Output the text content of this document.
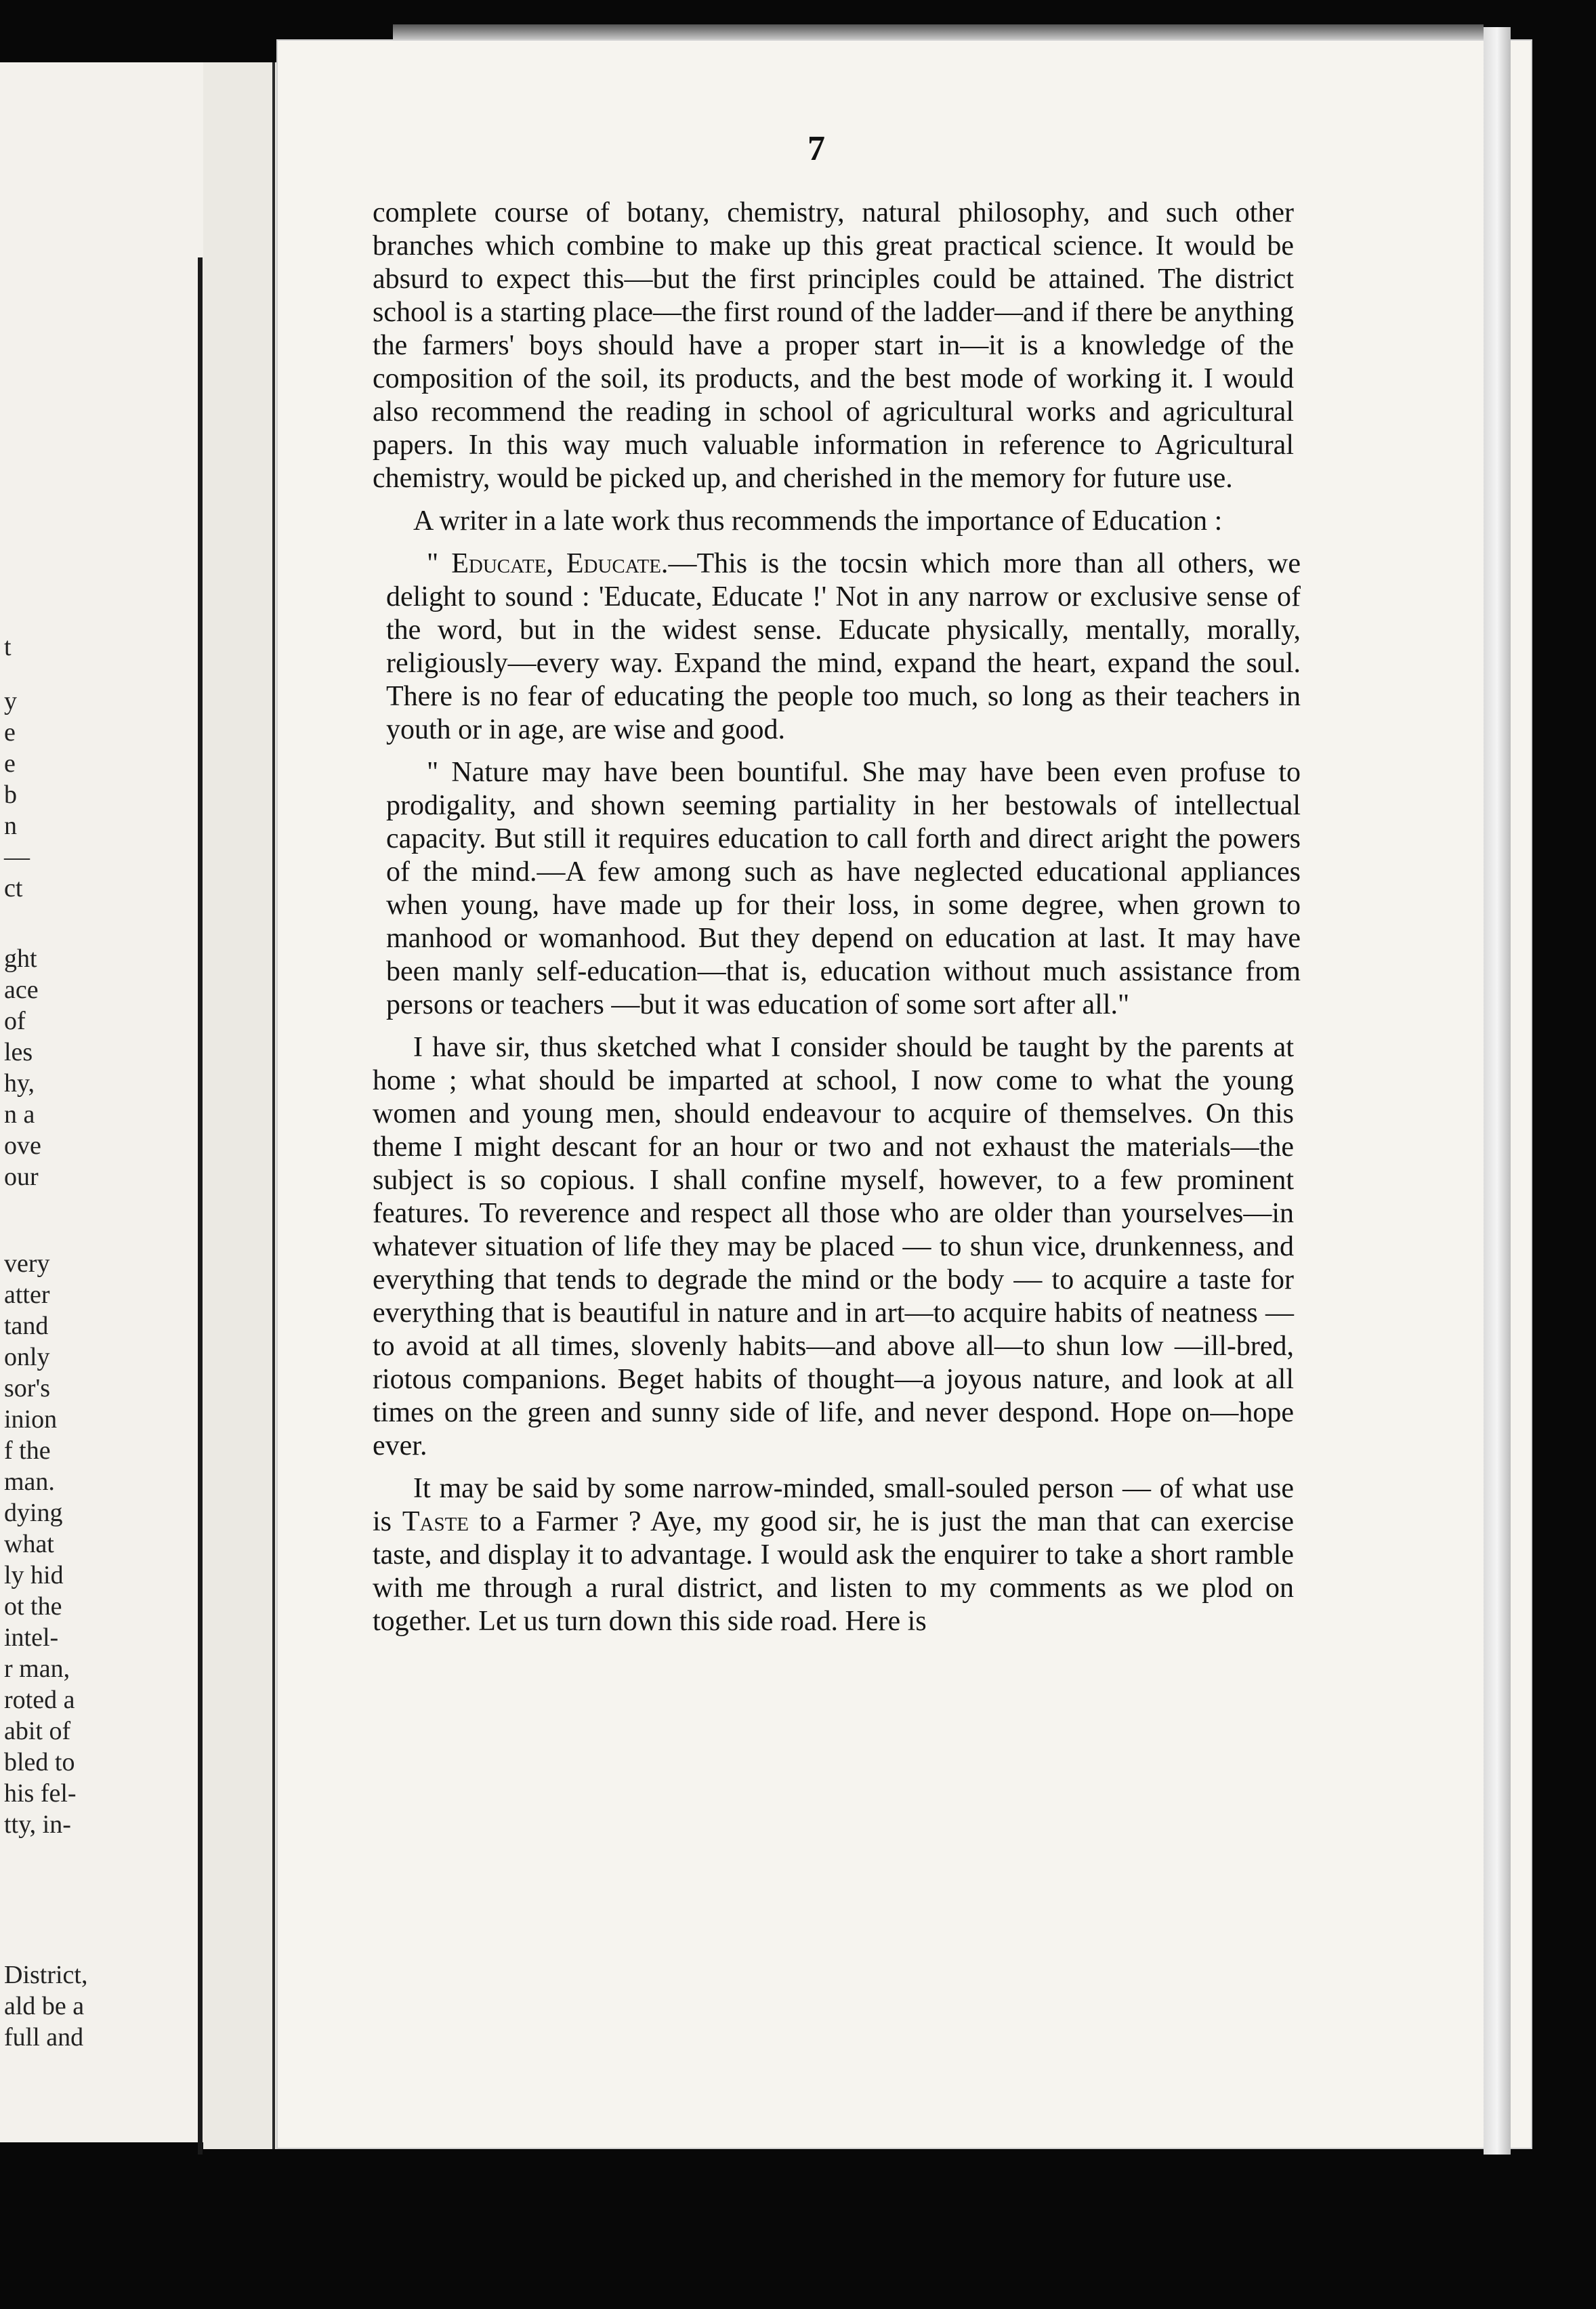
t
y
e
e
b
n
—
ct
ght
ace
of
les
hy,
n a
ove
our
very
atter
tand
only
sor's
inion
f the
man.
dying
what
ly hid
ot the
intel-
r man,
roted a
abit of
bled to
his fel-
tty, in-
District,
ald be a
full and
7

complete course of botany, chemistry, natural philosophy, and such other branches which combine to make up this great practical science. It would be absurd to expect this—but the first principles could be attained. The district school is a starting place—the first round of the ladder—and if there be anything the farmers' boys should have a proper start in—it is a knowledge of the composition of the soil, its products, and the best mode of working it. I would also recommend the reading in school of agricultural works and agricultural papers. In this way much valuable information in reference to Agricultural chemistry, would be picked up, and cherished in the memory for future use.

A writer in a late work thus recommends the importance of Education :

" Educate, Educate.—This is the tocsin which more than all others, we delight to sound : 'Educate, Educate !' Not in any narrow or exclusive sense of the word, but in the widest sense. Educate physically, mentally, morally, religiously—every way. Expand the mind, expand the heart, expand the soul. There is no fear of educating the people too much, so long as their teachers in youth or in age, are wise and good.

" Nature may have been bountiful. She may have been even profuse to prodigality, and shown seeming partiality in her bestowals of intellectual capacity. But still it requires education to call forth and direct aright the powers of the mind.—A few among such as have neglected educational appliances when young, have made up for their loss, in some degree, when grown to manhood or womanhood. But they depend on education at last. It may have been manly self-education—that is, education without much assistance from persons or teachers —but it was education of some sort after all."

I have sir, thus sketched what I consider should be taught by the parents at home ; what should be imparted at school, I now come to what the young women and young men, should endeavour to acquire of themselves. On this theme I might descant for an hour or two and not exhaust the materials—the subject is so copious. I shall confine myself, however, to a few prominent features. To reverence and respect all those who are older than yourselves—in whatever situation of life they may be placed — to shun vice, drunkenness, and everything that tends to degrade the mind or the body — to acquire a taste for everything that is beautiful in nature and in art—to acquire habits of neatness — to avoid at all times, slovenly habits—and above all—to shun low —ill-bred, riotous companions. Beget habits of thought—a joyous nature, and look at all times on the green and sunny side of life, and never despond. Hope on—hope ever.

It may be said by some narrow-minded, small-souled person — of what use is Taste to a Farmer ? Aye, my good sir, he is just the man that can exercise taste, and display it to advantage. I would ask the enquirer to take a short ramble with me through a rural district, and listen to my comments as we plod on together. Let us turn down this side road. Here is
